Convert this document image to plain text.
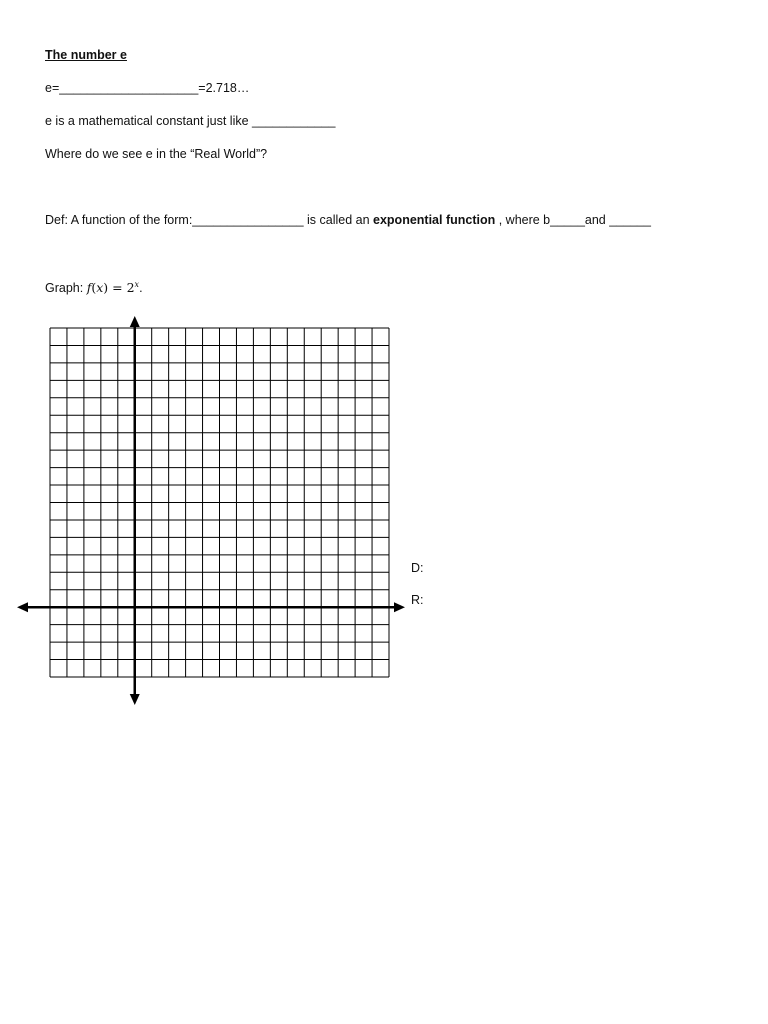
The number e
e=____________________=2.718…
e is a mathematical constant just like ____________
Where do we see e in the “Real World”?
Def: A function of the form:________________ is called an exponential function , where b_____and ______
Graph: $f(x) = 2^x$.
D:
R:
